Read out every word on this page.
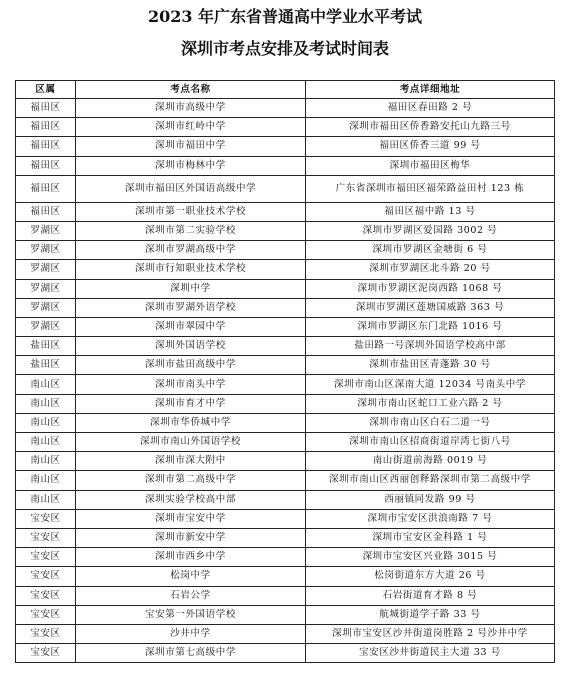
2023 年广东省普通高中学业水平考试
深圳市考点安排及考试时间表
区属	考点名称	考点详细地址
福田区	深圳市高级中学	福田区春田路 2 号
福田区	深圳市红岭中学	深圳市福田区侨香路安托山九路三号
福田区	深圳市福田中学	福田区侨香三道 99 号
福田区	深圳市梅林中学	深圳市福田区梅华
福田区	深圳市福田区外国语高级中学	广东省深圳市福田区福荣路益田村 123 栋
福田区	深圳市第一职业技术学校	福田区福中路 13 号
罗湖区	深圳市第二实验学校	深圳市罗湖区爱国路 3002 号
罗湖区	深圳市罗湖高级中学	深圳市罗湖区金塘街 6 号
罗湖区	深圳市行知职业技术学校	深圳市罗湖区北斗路 20 号
罗湖区	深圳中学	深圳市罗湖区泥岗西路 1068 号
罗湖区	深圳市罗湖外语学校	深圳市罗湖区莲塘国威路 363 号
罗湖区	深圳市翠园中学	深圳市罗湖区东门北路 1016 号
盐田区	深圳外国语学校	盐田路一号深圳外国语学校高中部
盐田区	深圳市盐田高级中学	深圳市盐田区青蓬路 30 号
南山区	深圳市南头中学	深圳市南山区深南大道 12034 号南头中学
南山区	深圳市育才中学	深圳市南山区蛇口工业六路 2 号
南山区	深圳市华侨城中学	深圳市南山区白石二道一号
南山区	深圳市南山外国语学校	深圳市南山区招商街道岸湾七街八号
南山区	深圳市深大附中	南山街道前海路 0019 号
南山区	深圳市第二高级中学	深圳市南山区西丽创释路深圳市第二高级中学
南山区	深圳实验学校高中部	西丽镇同发路 99 号
宝安区	深圳市宝安中学	深圳市宝安区洪浪南路 7 号
宝安区	深圳市新安中学	深圳市宝安区金科路 1 号
宝安区	深圳市西乡中学	深圳市宝安区兴业路 3015 号
宝安区	松岗中学	松岗街道东方大道 26 号
宝安区	石岩公学	石岩街道育才路 8 号
宝安区	宝安第一外国语学校	航城街道学子路 33 号
宝安区	沙井中学	深圳市宝安区沙井街道岗胜路 2 号沙井中学
宝安区	深圳市第七高级中学	宝安区沙井街道民主大道 33 号
